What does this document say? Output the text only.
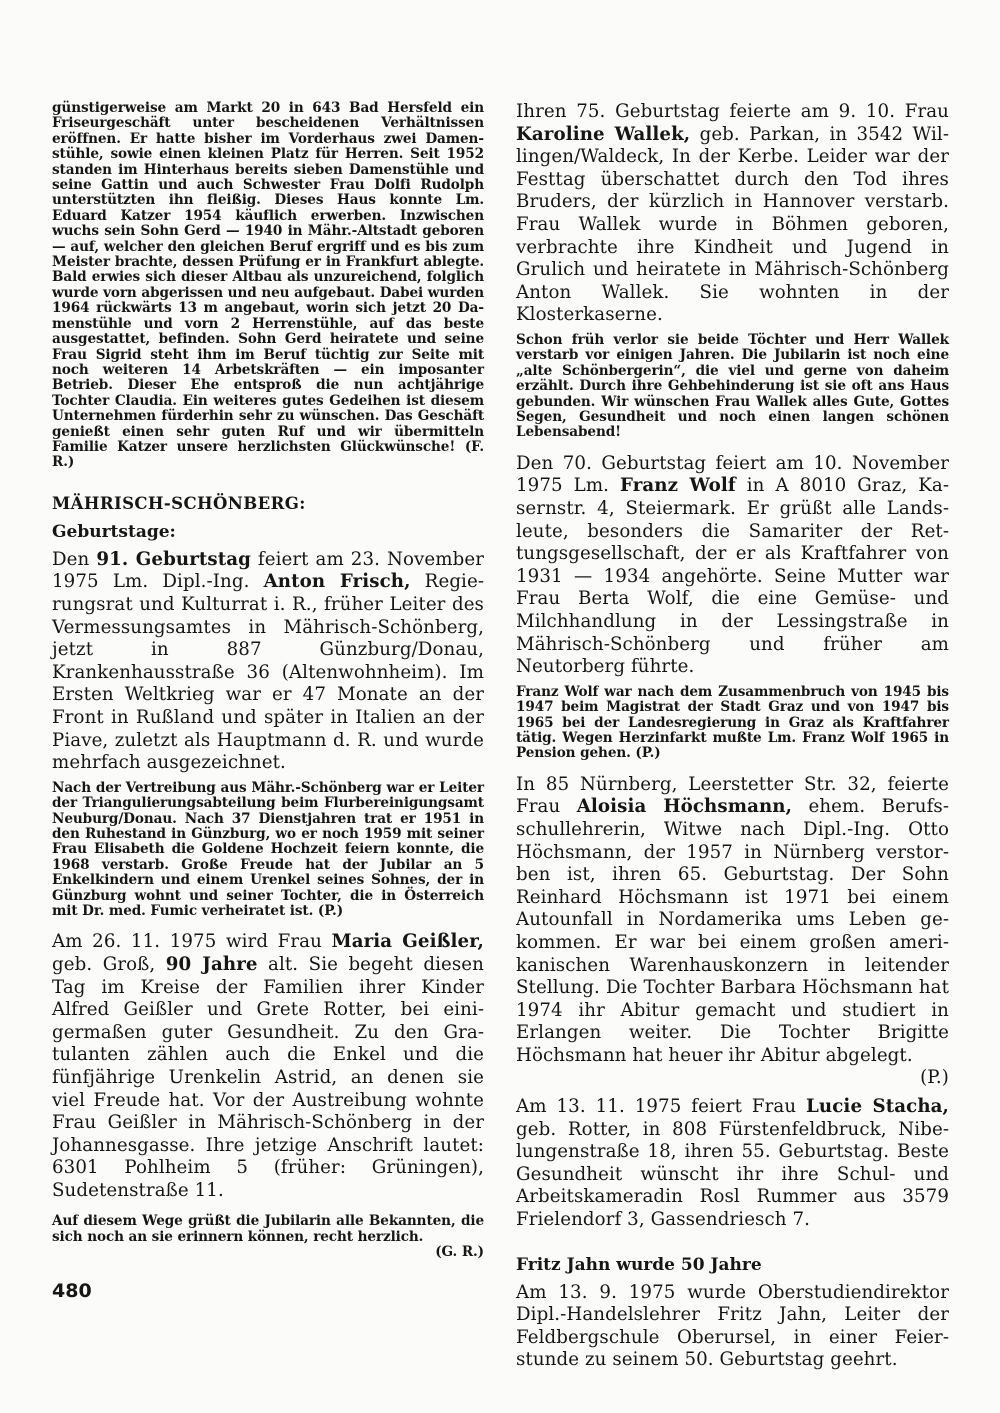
günstigerweise am Markt 20 in 643 Bad Hersfeld ein Friseurgeschäft unter bescheidenen Verhältnissen eröffnen. Er hatte bisher im Vorderhaus zwei Damenstühle, sowie einen kleinen Platz für Herren. Seit 1952 standen im Hinterhaus bereits sieben Damenstühle und seine Gattin und auch Schwester Frau Dolfi Rudolph unterstützten ihn fleißig. Dieses Haus konnte Lm. Eduard Katzer 1954 käuflich erwerben. Inzwischen wuchs sein Sohn Gerd — 1940 in Mähr.-Altstadt geboren — auf, welcher den gleichen Beruf ergriff und es bis zum Meister brachte, dessen Prüfung er in Frankfurt ablegte. Bald erwies sich dieser Altbau als unzureichend, folglich wurde vorn abgerissen und neu aufgebaut. Dabei wurden 1964 rückwärts 13 m angebaut, worin sich jetzt 20 Damenstühle und vorn 2 Herrenstühle, auf das beste ausgestattet, befinden. Sohn Gerd heiratete und seine Frau Sigrid steht ihm im Beruf tüchtig zur Seite mit noch weiteren 14 Arbetskräften — ein imposanter Betrieb. Dieser Ehe entsproß die nun achtjährige Tochter Claudia. Ein weiteres gutes Gedeihen ist diesem Unternehmen fürderhin sehr zu wünschen. Das Geschäft genießt einen sehr guten Ruf und wir übermitteln Familie Katzer unsere herzlichsten Glückwünsche! (F. R.)
MÄHRISCH-SCHÖNBERG:
Geburtstage:
Den 91. Geburtstag feiert am 23. November 1975 Lm. Dipl.-Ing. Anton Frisch, Regierungsrat und Kulturrat i. R., früher Leiter des Vermessungsamtes in Mährisch-Schönberg, jetzt in 887 Günzburg/Donau, Krankenhausstraße 36 (Altenwohnheim). Im Ersten Weltkrieg war er 47 Monate an der Front in Rußland und später in Italien an der Piave, zuletzt als Hauptmann d. R. und wurde mehrfach ausgezeichnet.
Nach der Vertreibung aus Mähr.-Schönberg war er Leiter der Triangulierungsabteilung beim Flurbereinigungsamt Neuburg/Donau. Nach 37 Dienstjahren trat er 1951 in den Ruhestand in Günzburg, wo er noch 1959 mit seiner Frau Elisabeth die Goldene Hochzeit feiern konnte, die 1968 verstarb. Große Freude hat der Jubilar an 5 Enkelkindern und einem Urenkel seines Sohnes, der in Günzburg wohnt und seiner Tochter, die in Österreich mit Dr. med. Fumic verheiratet ist. (P.)
Am 26. 11. 1975 wird Frau Maria Geißler, geb. Groß, 90 Jahre alt. Sie begeht diesen Tag im Kreise der Familien ihrer Kinder Alfred Geißler und Grete Rotter, bei einigermaßen guter Gesundheit. Zu den Gratulanten zählen auch die Enkel und die fünfjährige Urenkelin Astrid, an denen sie viel Freude hat. Vor der Austreibung wohnte Frau Geißler in Mährisch-Schönberg in der Johannesgasse. Ihre jetzige Anschrift lautet: 6301 Pohlheim 5 (früher: Grüningen), Sudetenstraße 11.
Auf diesem Wege grüßt die Jubilarin alle Bekannten, die sich noch an sie erinnern können, recht herzlich.
(G. R.)
480
Ihren 75. Geburtstag feierte am 9. 10. Frau Karoline Wallek, geb. Parkan, in 3542 Willingen/Waldeck, In der Kerbe. Leider war der Festtag überschattet durch den Tod ihres Bruders, der kürzlich in Hannover verstarb. Frau Wallek wurde in Böhmen geboren, verbrachte ihre Kindheit und Jugend in Grulich und heiratete in Mährisch-Schönberg Anton Wallek. Sie wohnten in der Klosterkaserne.
Schon früh verlor sie beide Töchter und Herr Wallek verstarb vor einigen Jahren. Die Jubilarin ist noch eine „alte Schönbergerin“, die viel und gerne von daheim erzählt. Durch ihre Gehbehinderung ist sie oft ans Haus gebunden. Wir wünschen Frau Wallek alles Gute, Gottes Segen, Gesundheit und noch einen langen schönen Lebensabend!
Den 70. Geburtstag feiert am 10. November 1975 Lm. Franz Wolf in A 8010 Graz, Kasernstr. 4, Steiermark. Er grüßt alle Landsleute, besonders die Samariter der Rettungsgesellschaft, der er als Kraftfahrer von 1931 — 1934 angehörte. Seine Mutter war Frau Berta Wolf, die eine Gemüse- und Milchhandlung in der Lessingstraße in Mährisch-Schönberg und früher am Neutorberg führte.
Franz Wolf war nach dem Zusammenbruch von 1945 bis 1947 beim Magistrat der Stadt Graz und von 1947 bis 1965 bei der Landesregierung in Graz als Kraftfahrer tätig. Wegen Herzinfarkt mußte Lm. Franz Wolf 1965 in Pension gehen. (P.)
In 85 Nürnberg, Leerstetter Str. 32, feierte Frau Aloisia Höchsmann, ehem. Berufsschullehrerin, Witwe nach Dipl.-Ing. Otto Höchsmann, der 1957 in Nürnberg verstorben ist, ihren 65. Geburtstag. Der Sohn Reinhard Höchsmann ist 1971 bei einem Autounfall in Nordamerika ums Leben gekommen. Er war bei einem großen amerikanischen Warenhauskonzern in leitender Stellung. Die Tochter Barbara Höchsmann hat 1974 ihr Abitur gemacht und studiert in Erlangen weiter. Die Tochter Brigitte Höchsmann hat heuer ihr Abitur abgelegt.
(P.)
Am 13. 11. 1975 feiert Frau Lucie Stacha, geb. Rotter, in 808 Fürstenfeldbruck, Nibelungenstraße 18, ihren 55. Geburtstag. Beste Gesundheit wünscht ihr ihre Schul- und Arbeitskameradin Rosl Rummer aus 3579 Frielendorf 3, Gassendriesch 7.
Fritz Jahn wurde 50 Jahre
Am 13. 9. 1975 wurde Oberstudiendirektor Dipl.-Handelslehrer Fritz Jahn, Leiter der Feldbergschule Oberursel, in einer Feierstunde zu seinem 50. Geburtstag geehrt.
